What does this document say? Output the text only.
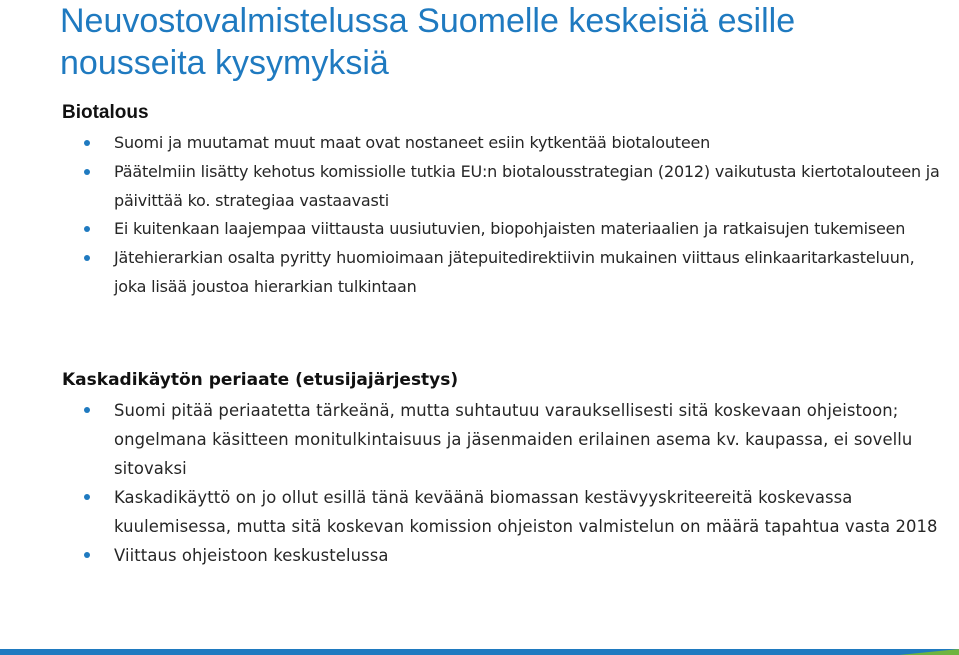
Neuvostovalmistelussa Suomelle keskeisiä esille nousseita kysymyksiä
Biotalous
Suomi ja muutamat muut maat ovat nostaneet esiin kytkentää biotalouteen
Päätelmiin lisätty kehotus komissiolle tutkia EU:n biotalousstrategian (2012) vaikutusta kiertotalouteen ja päivittää ko. strategiaa vastaavasti
Ei kuitenkaan laajempaa viittausta uusiutuvien, biopohjaisten materiaalien ja ratkaisujen tukemiseen
Jätehierarkian osalta pyritty huomioimaan jätepuitedirektiivin mukainen viittaus elinkaaritarkasteluun, joka lisää joustoa hierarkian tulkintaan
Kaskadikäytön periaate (etusijajärjestys)
Suomi pitää periaatetta tärkeänä, mutta suhtautuu varauksellisesti sitä koskevaan ohjeistoon; ongelmana käsitteen monitulkintaisuus ja jäsenmaiden erilainen asema kv. kaupassa, ei sovellu sitovaksi
Kaskadikäyttö on jo ollut esillä tänä keväänä biomassan kestävyyskriteereitä koskevassa kuulemisessa, mutta sitä koskevan komission ohjeiston valmistelun on määrä tapahtua vasta 2018
Viittaus ohjeistoon keskustelussa
